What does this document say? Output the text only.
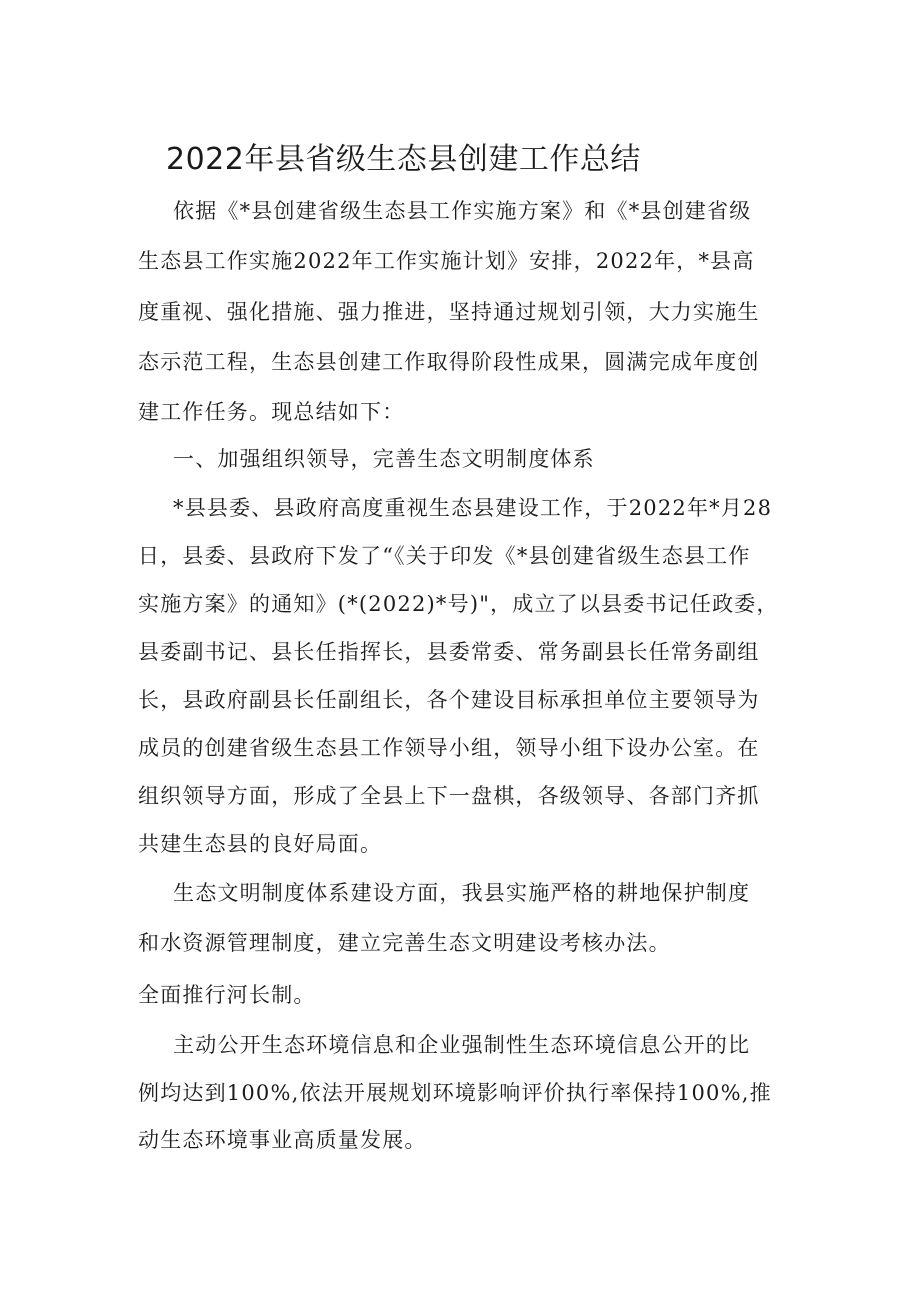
2022年县省级生态县创建工作总结
依据《*县创建省级生态县工作实施方案》和《*县创建省级
生态县工作实施2022年工作实施计划》安排，2022年，*县高
度重视、强化措施、强力推进，坚持通过规划引领，大力实施生
态示范工程，生态县创建工作取得阶段性成果，圆满完成年度创
建工作任务。现总结如下：
一、加强组织领导，完善生态文明制度体系
*县县委、县政府高度重视生态县建设工作，于2022年*月28
日，县委、县政府下发了“《关于印发《*县创建省级生态县工作
实施方案》的通知》(*(2022)*号)"，成立了以县委书记任政委，
县委副书记、县长任指挥长，县委常委、常务副县长任常务副组
长，县政府副县长任副组长，各个建设目标承担单位主要领导为
成员的创建省级生态县工作领导小组，领导小组下设办公室。在
组织领导方面，形成了全县上下一盘棋，各级领导、各部门齐抓
共建生态县的良好局面。
生态文明制度体系建设方面，我县实施严格的耕地保护制度
和水资源管理制度，建立完善生态文明建设考核办法。
全面推行河长制。
主动公开生态环境信息和企业强制性生态环境信息公开的比
例均达到100%,依法开展规划环境影响评价执行率保持100%,推
动生态环境事业高质量发展。
